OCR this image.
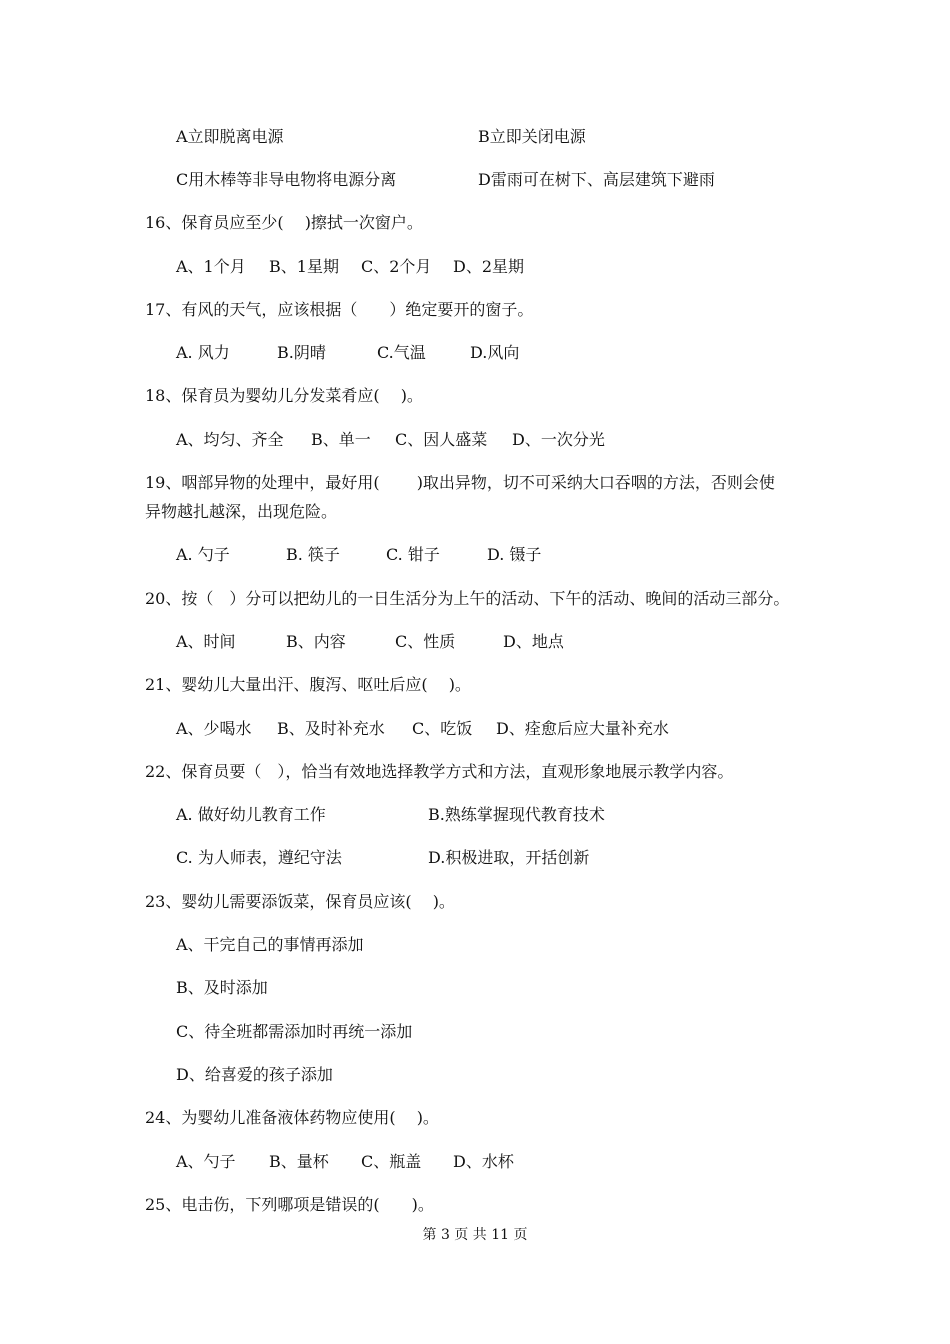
A立即脱离电源	B立即关闭电源
C用木棒等非导电物将电源分离	D雷雨可在树下、高层建筑下避雨
16、保育员应至少(　 )擦拭一次窗户。
A、1个月 B、1星期 C、2个月 D、2星期
17、有风的天气，应该根据（　　）绝定要开的窗子。
A. 风力	B.阴晴	C.气温	D.风向
18、保育员为婴幼儿分发菜肴应(　 )。
A、均匀、齐全 B、单一 C、因人盛菜 D、一次分光
19、咽部异物的处理中，最好用(　　 )取出异物，切不可采纳大口吞咽的方法，否则会使
异物越扎越深，出现危险。
A. 勺子	B. 筷子	C. 钳子	D. 镊子
20、按（　）分可以把幼儿的一日生活分为上午的活动、下午的活动、晚间的活动三部分。
A、时间	B、内容	C、性质	D、地点
21、婴幼儿大量出汗、腹泻、呕吐后应(　 )。
A、少喝水 B、及时补充水 C、吃饭 D、痊愈后应大量补充水
22、保育员要（　），恰当有效地选择教学方式和方法，直观形象地展示教学内容。
A. 做好幼儿教育工作	B.熟练掌握现代教育技术
C. 为人师表，遵纪守法	D.积极进取，开括创新
23、婴幼儿需要添饭菜，保育员应该(　 )。
A、干完自己的事情再添加
B、及时添加
C、待全班都需添加时再统一添加
D、给喜爱的孩子添加
24、为婴幼儿准备液体药物应使用(　 )。
A、勺子 B、量杯 C、瓶盖 D、水杯
25、电击伤，下列哪项是错误的(　　)。
第 3 页 共 11 页
